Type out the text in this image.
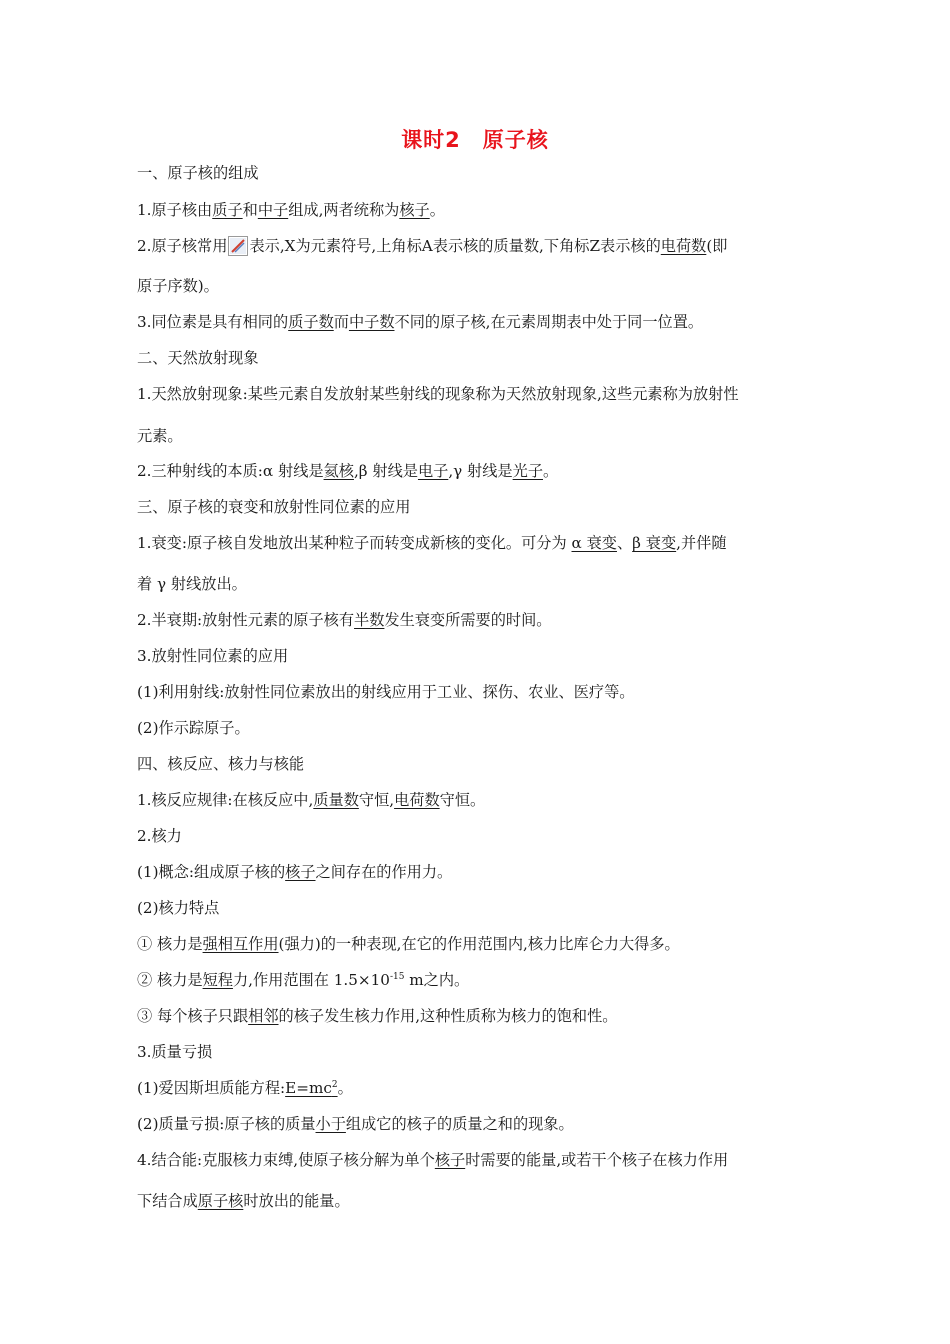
课时2　原子核

一、原子核的组成

1.原子核由质子和中子组成,两者统称为核子。

2.原子核常用 表示,X为元素符号,上角标A表示核的质量数,下角标Z表示核的电荷数(即

原子序数)。

3.同位素是具有相同的质子数而中子数不同的原子核,在元素周期表中处于同一位置。

二、天然放射现象

1.天然放射现象:某些元素自发放射某些射线的现象称为天然放射现象,这些元素称为放射性

元素。

2.三种射线的本质:α 射线是氦核,β 射线是电子,γ 射线是光子。

三、原子核的衰变和放射性同位素的应用

1.衰变:原子核自发地放出某种粒子而转变成新核的变化。可分为 α 衰变、β 衰变,并伴随

着 γ 射线放出。

2.半衰期:放射性元素的原子核有半数发生衰变所需要的时间。

3.放射性同位素的应用

(1)利用射线:放射性同位素放出的射线应用于工业、探伤、农业、医疗等。

(2)作示踪原子。

四、核反应、核力与核能

1.核反应规律:在核反应中,质量数守恒,电荷数守恒。

2.核力

(1)概念:组成原子核的核子之间存在的作用力。

(2)核力特点

① 核力是强相互作用(强力)的一种表现,在它的作用范围内,核力比库仑力大得多。

② 核力是短程力,作用范围在 $1.5\times 10^{-15}$ m之内。

③ 每个核子只跟相邻的核子发生核力作用,这种性质称为核力的饱和性。

3.质量亏损

(1)爱因斯坦质能方程$:E=mc^2$。

(2)质量亏损:原子核的质量小于组成它的核子的质量之和的现象。

4.结合能:克服核力束缚,使原子核分解为单个核子时需要的能量,或若干个核子在核力作用

下结合成原子核时放出的能量。
